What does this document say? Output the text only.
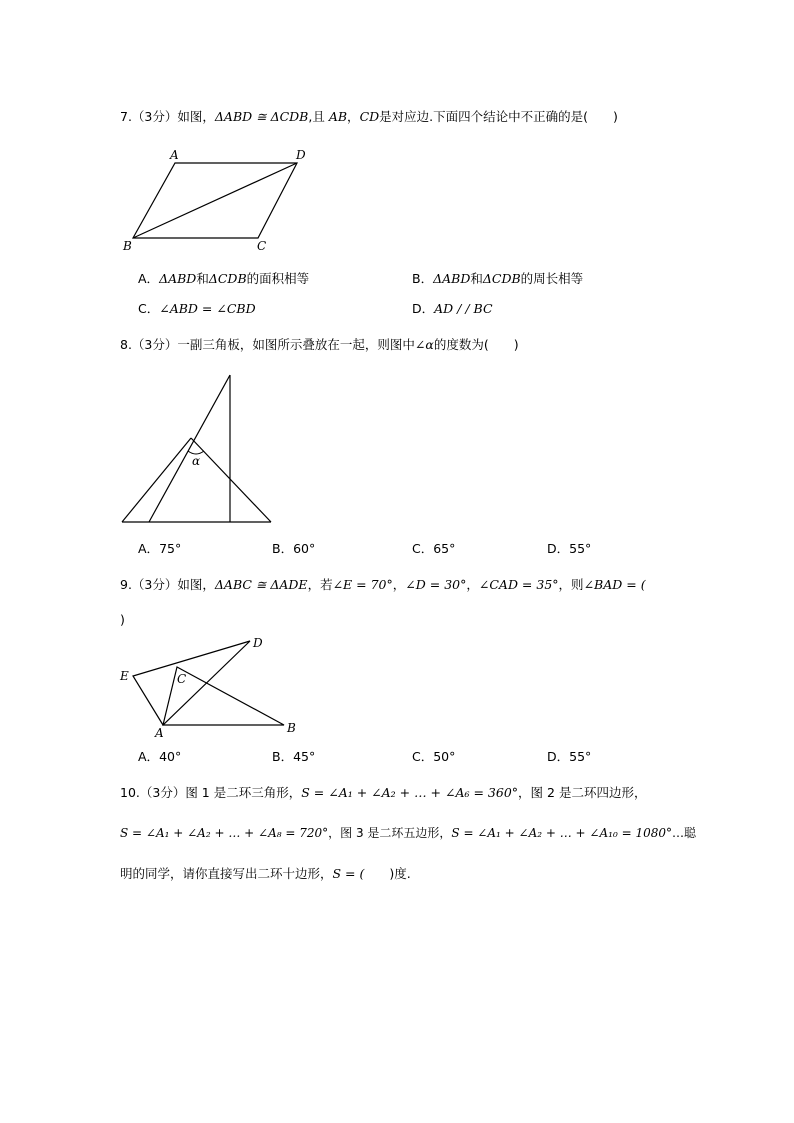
7.（3分）如图，ΔABD ≅ ΔCDB,且 AB，CD是对应边.下面四个结论中不正确的是(　　)
A	D
B	C
A．ΔABD和ΔCDB的面积相等	B．ΔABD和ΔCDB的周长相等
C．∠ABD = ∠CBD	D．AD / / BC
8.（3分）一副三角板，如图所示叠放在一起，则图中∠α的度数为(　　)
α
A．75°	B．60°	C．65°	D．55°
9.（3分）如图，ΔABC ≅ ΔADE，若∠E = 70°，∠D = 30°，∠CAD = 35°，则∠BAD = (
)
A	B
C
D
E
A．40°	B．45°	C．50°	D．55°
10.（3分）图 1 是二环三角形，S = ∠A₁ + ∠A₂ + … + ∠A₆ = 360°，图 2 是二环四边形，
S = ∠A₁ + ∠A₂ + … + ∠A₈ = 720°，图 3 是二环五边形，S = ∠A₁ + ∠A₂ + … + ∠A₁₀ = 1080°…聪
明的同学，请你直接写出二环十边形，S = (　　)度.
